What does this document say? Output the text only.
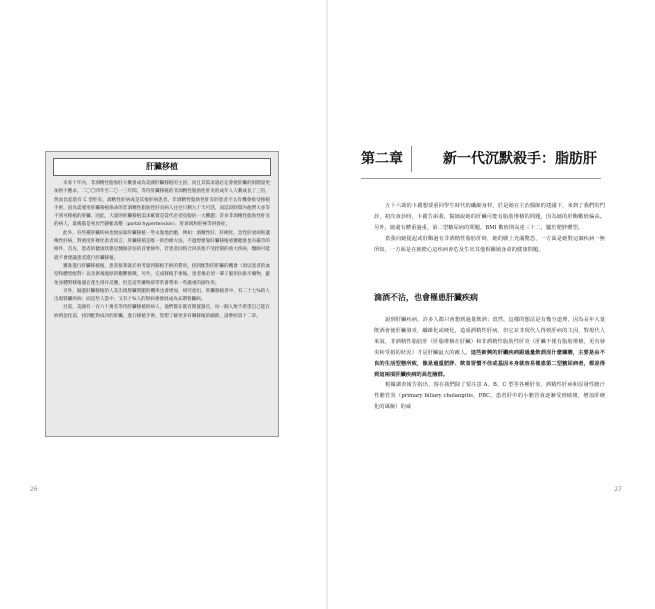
肝臟移植

未來十年內，非酒精性脂肪肝大概會成為美國肝臟移植的主因，而且其需求量必定會使肝臟的捐贈量更加供不應求。二〇〇四年至二〇一三年間，等待肝臟移植的非酒精性脂肪性肝炎的成年人人數成長了三倍，然而比起患有 C 型肝炎、酒精性肝病或是其他肝病患者，非酒精性脂肪性肝炎的患者不太有機會接受移植手術，因為需要用肝臟移植保命的非酒精性脂肪性肝炎病人往往只剩九十天可活，而這段時間內他們大多等不到可移植的肝臟。因此，大量的肝臟移植需求確實是當代必須克服的一大難題；許多非酒精性脂肪性肝炎的病人，最後都是死於門靜脈高壓（portal hypertension）、肝衰竭和肝癌等併發症。

此外，有些種肝臟疾病也無法靠肝臟移植一勞永逸地治癒，例如：酒精性肝、肝硬化、急性肝衰竭和遺傳性肝病，對重度肝硬化患者而言，肝臟移植是唯一的治療方法，不過想要靠肝臟移植重獲健康也有嚴苛的條件，首先，患者的健康狀態是醫師評估的首要條件，若患者同時合併其他不受控制的重大疾病，醫師可能就不會建議患者進行肝臟移植。

獲准進行肝臟移植後，患者接著就必須考量到移植手術的費用，找到配對的肝臟的機會（須以患者的血型和體型配對）以及術後復原的艱難挑戰。另外，完成移植手術後，患者幾必須一輩子服用抗排斥藥物，避免身體對移植器官產生排斥反應，但是這些藥物卻常常會帶來一些嚴重的副作用。

另外，做過肝臟移植的人其出現腎臟問題的機率也會增加，研究指出，肝臟移植者中，有二十七%的人出現腎臟疾病；而這些人當中，又有十%人的腎病會發展成為末期腎臟病。

目前，美國有一百六十萬名等待肝臟移植的病人，他們都在既有閒置器官，每一個人無不希望自己能在病情惡化前，找到配對成功的肝臟，進行移植手術，您想了解更多有關移植的細節，請參照第十二章。

26
第二章	新一代沉默殺手：脂肪肝

五十六歲的卡麗想要重回學生時代的纖細身材，於是她在主治醫師的建議下，來到了我們的門診，初次會診時，卡麗告訴我，醫師說她的肝臟可能有脂肪堆積的問題，因為她的肝酶數值偏高。另外，她還有體重過重、第二型糖尿病的問題，BMI 數值則高達三十二，屬於肥胖體型。

當我向她提起或肝酶過有非酒精性脂肪肝時，她的臉上充滿驚恐，一方面是她對這個疾病一無所知，一方面是在她擔心這疾病會危及生出其他相關她身命的健康問題。

滴酒不沾，也會罹患肝臟疾病

說到肝臟疾病，許多人都只會想到過量飲酒；當然，這樣的想法是有幾分道理，因為長年大量飲酒會使肝臟發炎、纖維化或硬化，造成酒精性肝病，但它並非現代人得到肝病的主因，對現代人來說，非酒精性脂肪肝（肝脂堆積在肝臟）和非酒精性脂肪性肝炎（肝臟不僅有脂肪堆積，更有發炎和受損的狀況）才是肝臟最大的敵人。這些新興的肝臟疾病跟過量飲酒沒什麼關聯，主要是由不良的生活型態所致，像是過重肥胖、飲食習慣不佳或基因本身就容易罹患第二型糖尿病者，都是得到這兩項肝臟疾病的高危險群。

根據調查報告指出，現在我們除了要注意 A、B、C 型等各種肝炎、酒精性肝病和原發性膽汁性膽管炎（primary biliary cholangitis，PBC，患者肝中的小膽管會逐漸受到破壞，增加肝硬化的風險）的威

27
